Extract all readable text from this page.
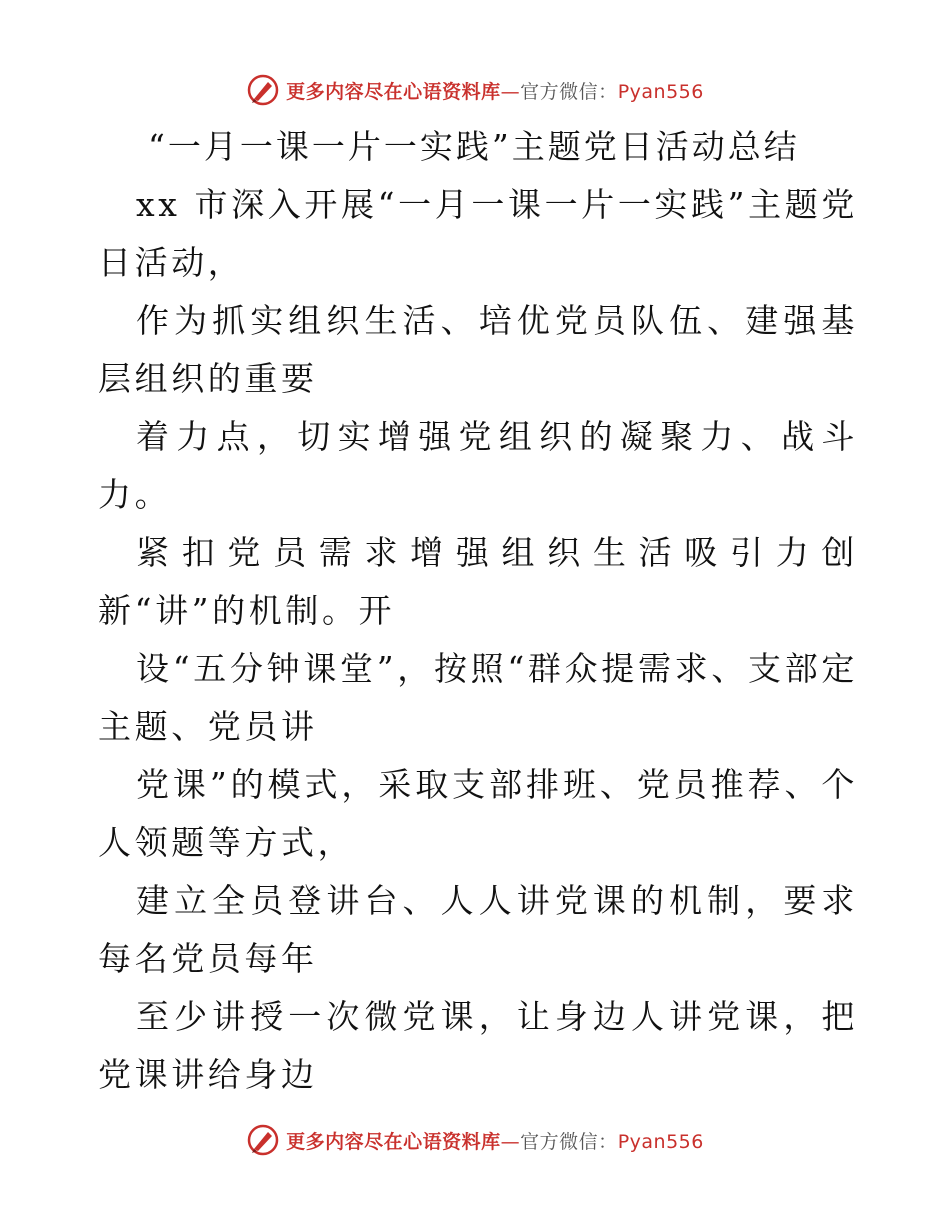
更多内容尽在心语资料库—官方微信：Pyan556
“一月一课一片一实践”主题党日活动总结

xx 市深入开展“一月一课一片一实践”主题党日活动，

作为抓实组织生活、培优党员队伍、建强基层组织的重要

着力点，切实增强党组织的凝聚力、战斗力。

紧扣党员需求增强组织生活吸引力创新“讲”的机制。开

设“五分钟课堂”，按照“群众提需求、支部定主题、党员讲

党课”的模式，采取支部排班、党员推荐、个人领题等方式，

建立全员登讲台、人人讲党课的机制，要求每名党员每年

至少讲授一次微党课，让身边人讲党课，把党课讲给身边

更多内容尽在心语资料库—官方微信：Pyan556
